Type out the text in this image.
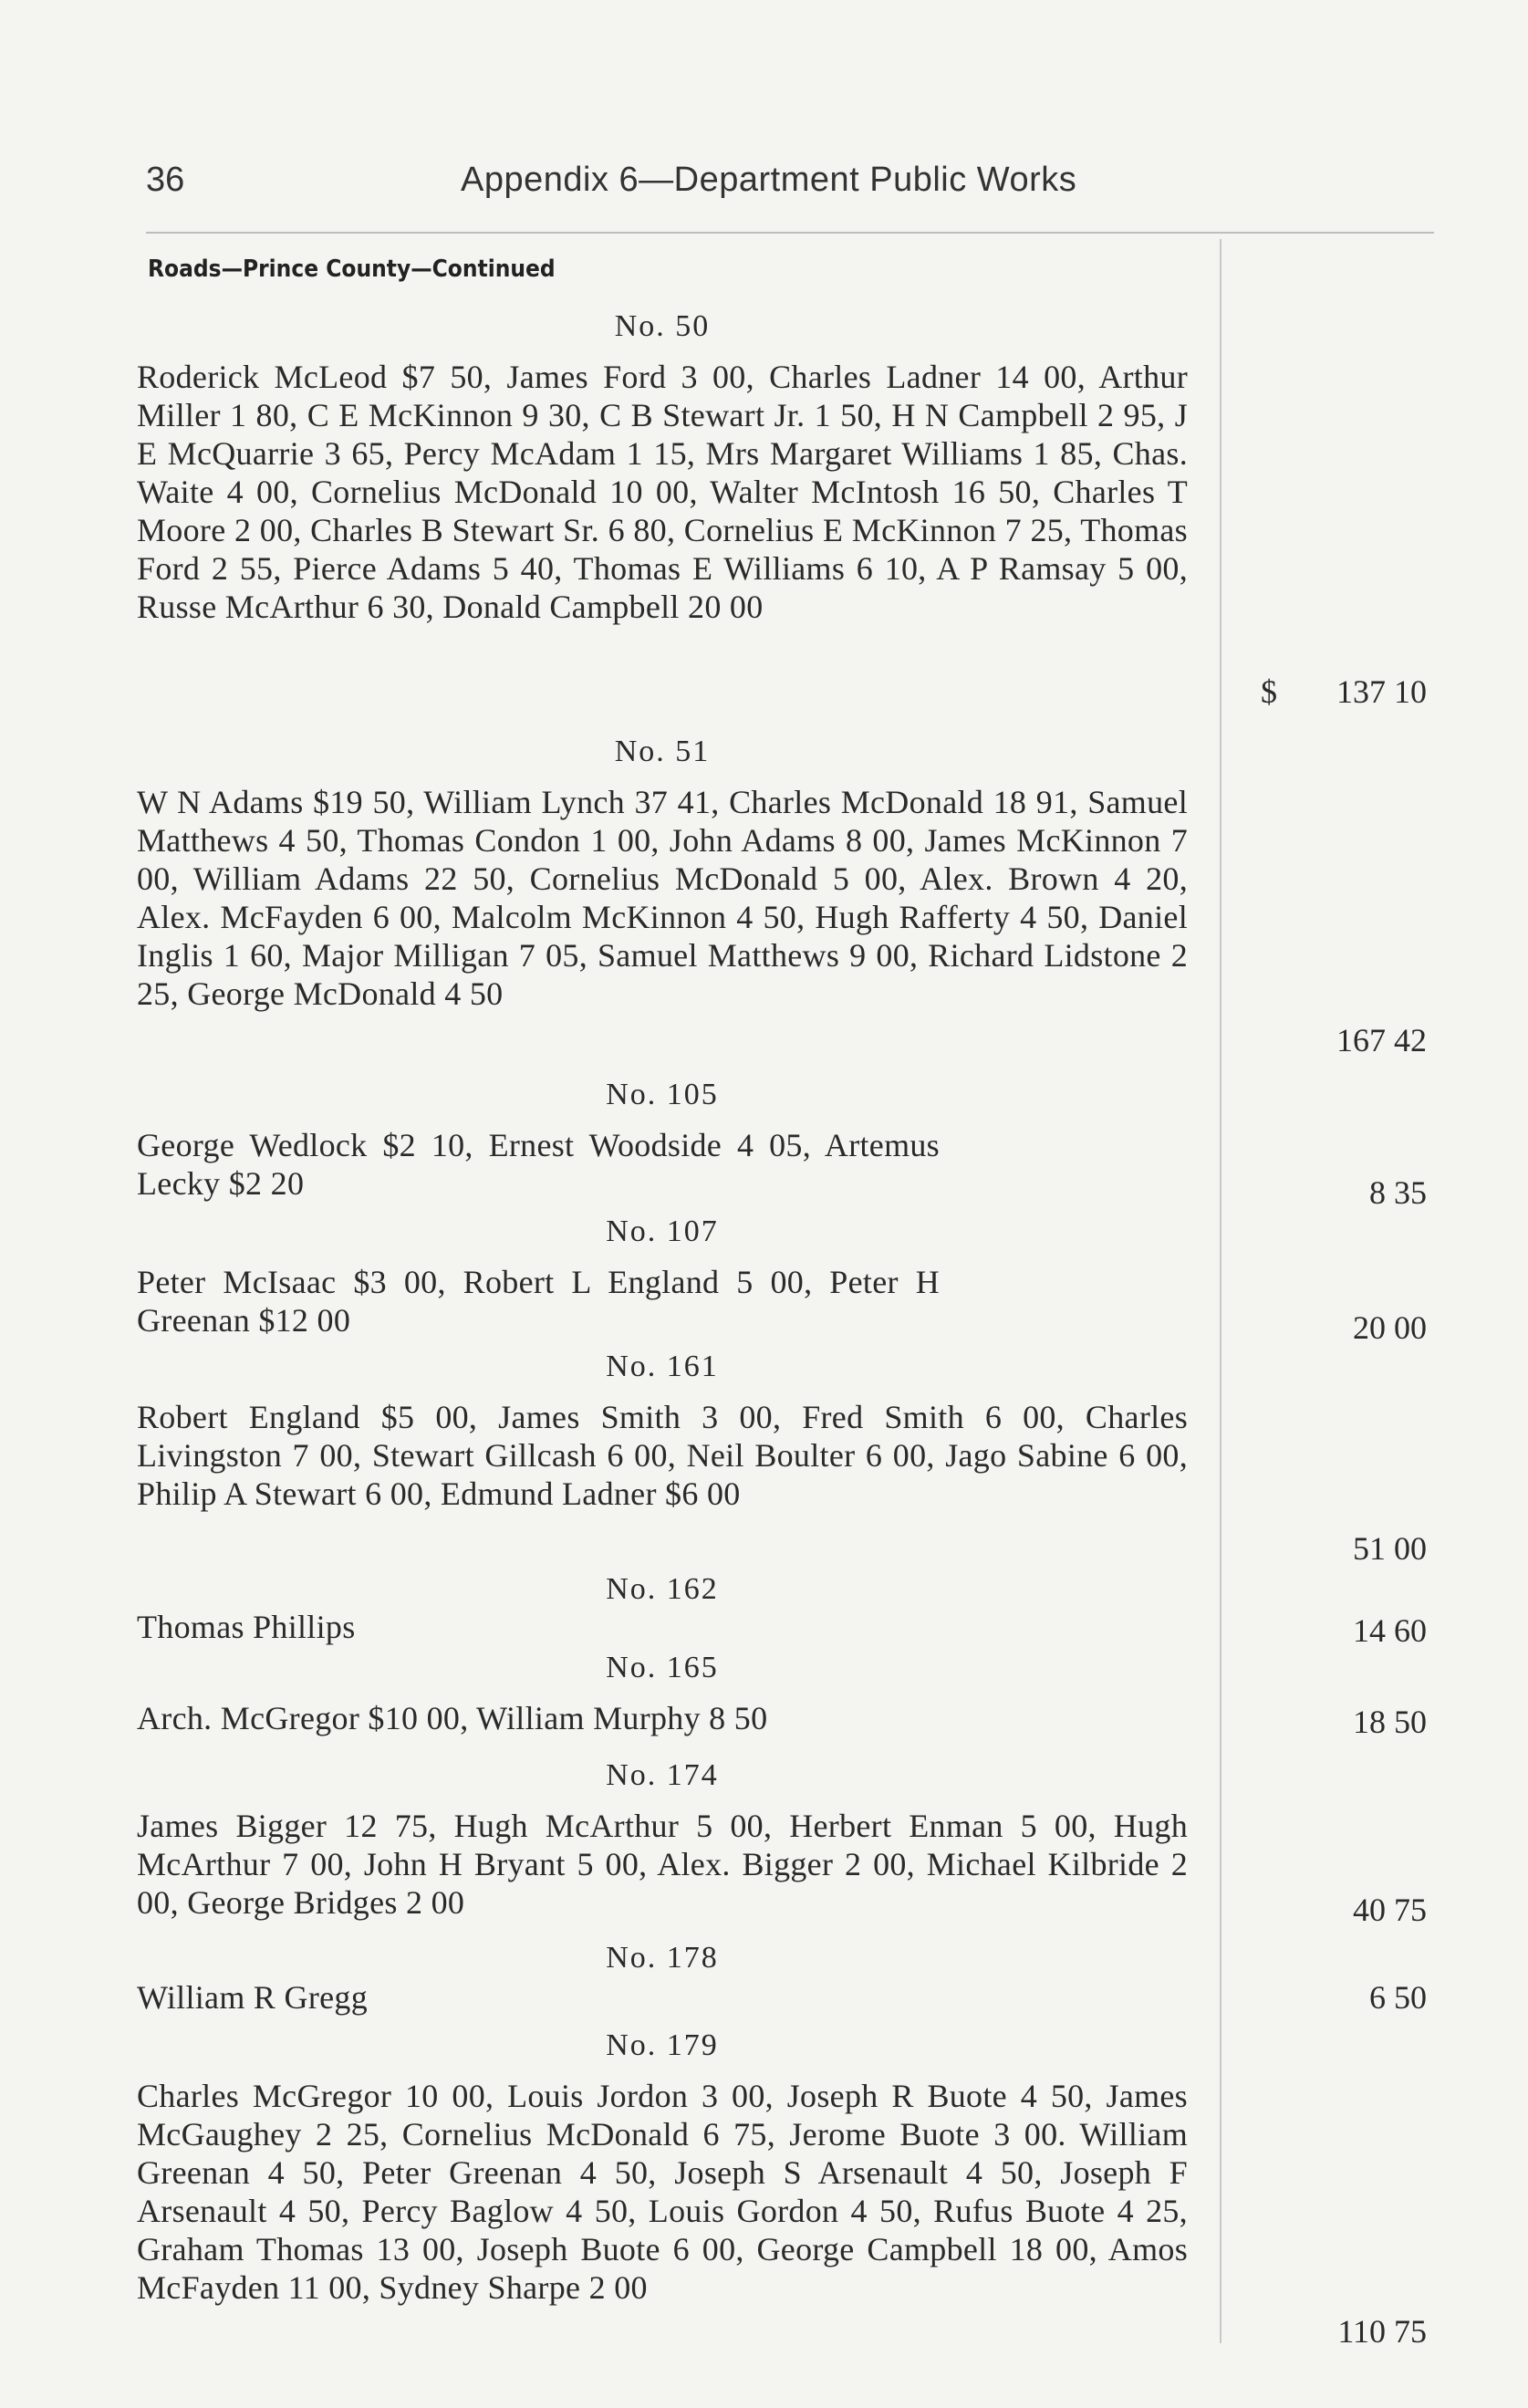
36	Appendix 6—Department Public Works
Roads—Prince County—Continued
No. 50
Roderick McLeod $7 50, James Ford 3 00, Charles Ladner 14 00, Arthur Miller 1 80, C E McKinnon 9 30, C B Stewart Jr. 1 50, H N Campbell 2 95, J E McQuarrie 3 65, Percy McAdam 1 15, Mrs Margaret Williams 1 85, Chas. Waite 4 00, Cornelius McDonald 10 00, Walter McIntosh 16 50, Charles T Moore 2 00, Charles B Stewart Sr. 6 80, Cornelius E McKinnon 7 25, Thomas Ford 2 55, Pierce Adams 5 40, Thomas E Williams 6 10, A P Ramsay 5 00, Russe McArthur 6 30, Donald Campbell 20 00
$ 137 10
No. 51
W N Adams $19 50, William Lynch 37 41, Charles McDonald 18 91, Samuel Matthews 4 50, Thomas Condon 1 00, John Adams 8 00, James McKinnon 7 00, William Adams 22 50, Cornelius McDonald 5 00, Alex. Brown 4 20, Alex. McFayden 6 00, Malcolm McKinnon 4 50, Hugh Rafferty 4 50, Daniel Inglis 1 60, Major Milligan 7 05, Samuel Matthews 9 00, Richard Lidstone 2 25, George McDonald 4 50
167 42
No. 105
George Wedlock $2 10, Ernest Woodside 4 05, Artemus Lecky $2 20	8 35
No. 107
Peter McIsaac $3 00, Robert L England 5 00, Peter H Greenan $12 00	20 00
No. 161
Robert England $5 00, James Smith 3 00, Fred Smith 6 00, Charles Livingston 7 00, Stewart Gillcash 6 00, Neil Boulter 6 00, Jago Sabine 6 00, Philip A Stewart 6 00, Edmund Ladner $6 00
51 00
No. 162
Thomas Phillips	14 60
No. 165
Arch. McGregor $10 00, William Murphy 8 50	18 50
No. 174
James Bigger 12 75, Hugh McArthur 5 00, Herbert Enman 5 00, Hugh McArthur 7 00, John H Bryant 5 00, Alex. Bigger 2 00, Michael Kilbride 2 00, George Bridges 2 00	40 75
No. 178
William R Gregg	6 50
No. 179
Charles McGregor 10 00, Louis Jordon 3 00, Joseph R Buote 4 50, James McGaughey 2 25, Cornelius McDonald 6 75, Jerome Buote 3 00. William Greenan 4 50, Peter Greenan 4 50, Joseph S Arsenault 4 50, Joseph F Arsenault 4 50, Percy Baglow 4 50, Louis Gordon 4 50, Rufus Buote 4 25, Graham Thomas 13 00, Joseph Buote 6 00, George Campbell 18 00, Amos McFayden 11 00, Sydney Sharpe 2 00
110 75
